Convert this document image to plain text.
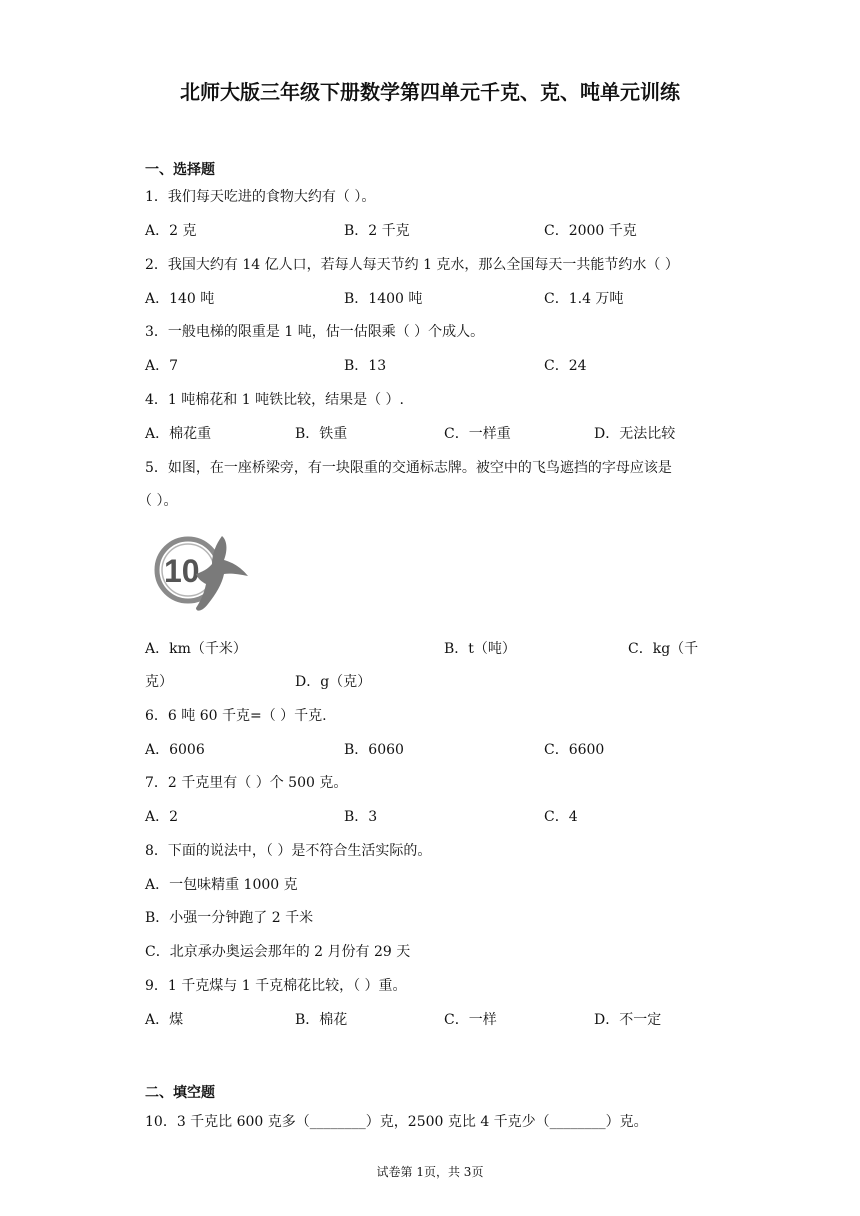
北师大版三年级下册数学第四单元千克、克、吨单元训练
一、选择题
1．我们每天吃进的食物大约有（ ）。
A．2 克	B．2 千克	C．2000 千克
2．我国大约有 14 亿人口，若每人每天节约 1 克水，那么全国每天一共能节约水（ ）
A．140 吨	B．1400 吨	C．1.4 万吨
3．一般电梯的限重是 1 吨，估一估限乘（ ）个成人。
A．7	B．13	C．24
4．1 吨棉花和 1 吨铁比较，结果是（ ）.
A．棉花重	B．铁重	C．一样重	D．无法比较
5．如图，在一座桥梁旁，有一块限重的交通标志牌。被空中的飞鸟遮挡的字母应该是
（ ）。
10
A．km（千米）	B．t（吨）	C．kg（千
克）	D．g（克）
6．6 吨 60 千克=（ ）千克.
A．6006	B．6060	C．6600
7．2 千克里有（ ）个 500 克。
A．2	B．3	C．4
8．下面的说法中，（ ）是不符合生活实际的。
A．一包味精重 1000 克
B．小强一分钟跑了 2 千米
C．北京承办奥运会那年的 2 月份有 29 天
9．1 千克煤与 1 千克棉花比较，（ ）重。
A．煤	B．棉花	C．一样	D．不一定
二、填空题
10．3 千克比 600 克多（________）克，2500 克比 4 千克少（________）克。
试卷第 1页，共 3页
